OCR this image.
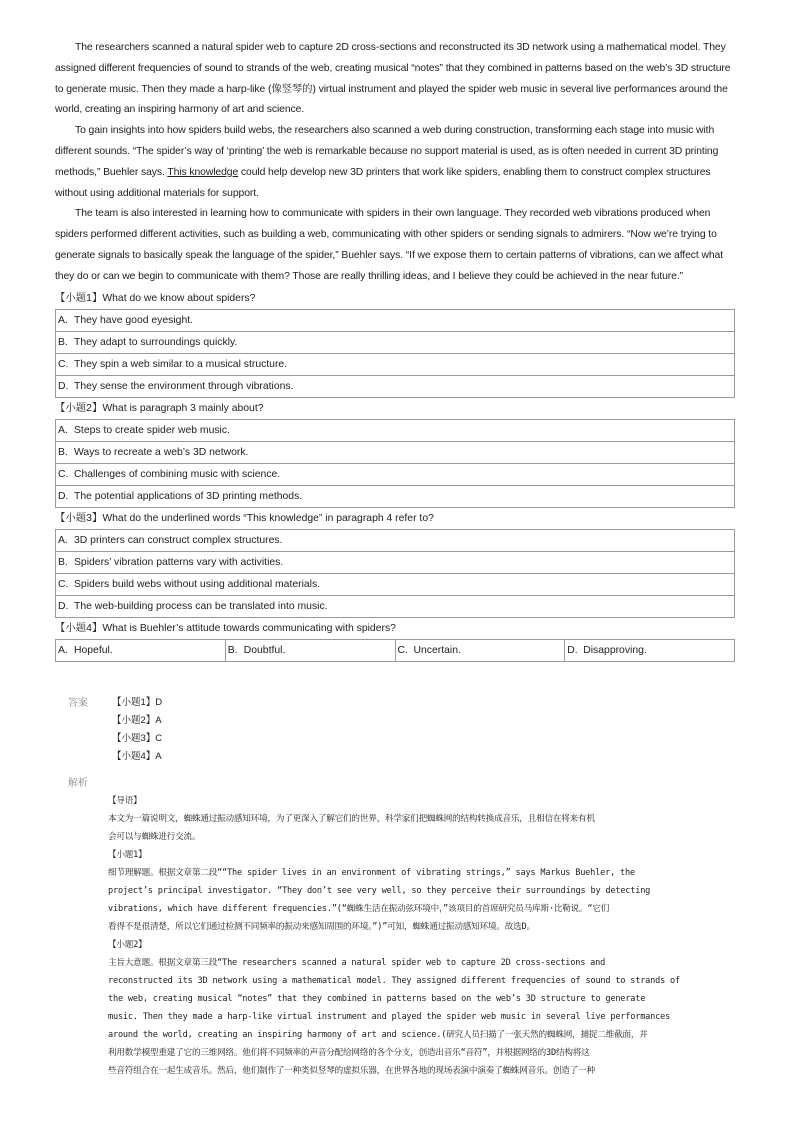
The researchers scanned a natural spider web to capture 2D cross-sections and reconstructed its 3D network using a mathematical model. They assigned different frequencies of sound to strands of the web, creating musical “notes” that they combined in patterns based on the web’s 3D structure to generate music. Then they made a harp-like (像竖琴的) virtual instrument and played the spider web music in several live performances around the world, creating an inspiring harmony of art and science.

To gain insights into how spiders build webs, the researchers also scanned a web during construction, transforming each stage into music with different sounds. “The spider’s way of ‘printing’ the web is remarkable because no support material is used, as is often needed in current 3D printing methods,” Buehler says. This knowledge could help develop new 3D printers that work like spiders, enabling them to construct complex structures without using additional materials for support.

The team is also interested in learning how to communicate with spiders in their own language. They recorded web vibrations produced when spiders performed different activities, such as building a web, communicating with other spiders or sending signals to admirers. “Now we’re trying to generate signals to basically speak the language of the spider,” Buehler says. “If we expose them to certain patterns of vibrations, can we affect what they do or can we begin to communicate with them? Those are really thrilling ideas, and I believe they could be achieved in the near future.”

【小题1】What do we know about spiders?
A. They have good eyesight.
B. They adapt to surroundings quickly.
C. They spin a web similar to a musical structure.
D. They sense the environment through vibrations.
【小题2】What is paragraph 3 mainly about?
A. Steps to create spider web music.
B. Ways to recreate a web’s 3D network.
C. Challenges of combining music with science.
D. The potential applications of 3D printing methods.
【小题3】What do the underlined words “This knowledge” in paragraph 4 refer to?
A. 3D printers can construct complex structures.
B. Spiders’ vibration patterns vary with activities.
C. Spiders build webs without using additional materials.
D. The web-building process can be translated into music.
【小题4】What is Buehler’s attitude towards communicating with spiders?
A. Hopeful.	B. Doubtful.	C. Uncertain.	D. Disapproving.
答案	【小题1】D
【小题2】A
【小题3】C
【小题4】A
解析
【导语】
本文为一篇说明文，蜘蛛通过振动感知环境，为了更深入了解它们的世界，科学家们把蜘蛛网的结构转换成音乐，且相信在将来有机
会可以与蜘蛛进行交流。
【小题1】
细节理解题。根据文章第二段““The spider lives in an environment of vibrating strings,” says Markus Buehler, the
project’s principal investigator. “They don’t see very well, so they perceive their surroundings by detecting
vibrations, which have different frequencies.”(“蜘蛛生活在振动弦环境中，”该项目的首席研究员马库斯·比勒说。“它们
看得不是很清楚，所以它们通过检测不同频率的振动来感知周围的环境。”)”可知，蜘蛛通过振动感知环境。故选D。
【小题2】
主旨大意题。根据文章第三段“The researchers scanned a natural spider web to capture 2D cross-sections and
reconstructed its 3D network using a mathematical model. They assigned different frequencies of sound to strands of
the web, creating musical “notes” that they combined in patterns based on the web’s 3D structure to generate
music. Then they made a harp-like virtual instrument and played the spider web music in several live performances
around the world, creating an inspiring harmony of art and science.(研究人员扫描了一张天然的蜘蛛网，捕捉二维截面，并
利用数学模型重建了它的三维网络。他们将不同频率的声音分配给网络的各个分支，创造出音乐“音符”，并根据网络的3D结构将这
些音符组合在一起生成音乐。然后，他们制作了一种类似竖琴的虚拟乐器，在世界各地的现场表演中演奏了蜘蛛网音乐。创造了一种
